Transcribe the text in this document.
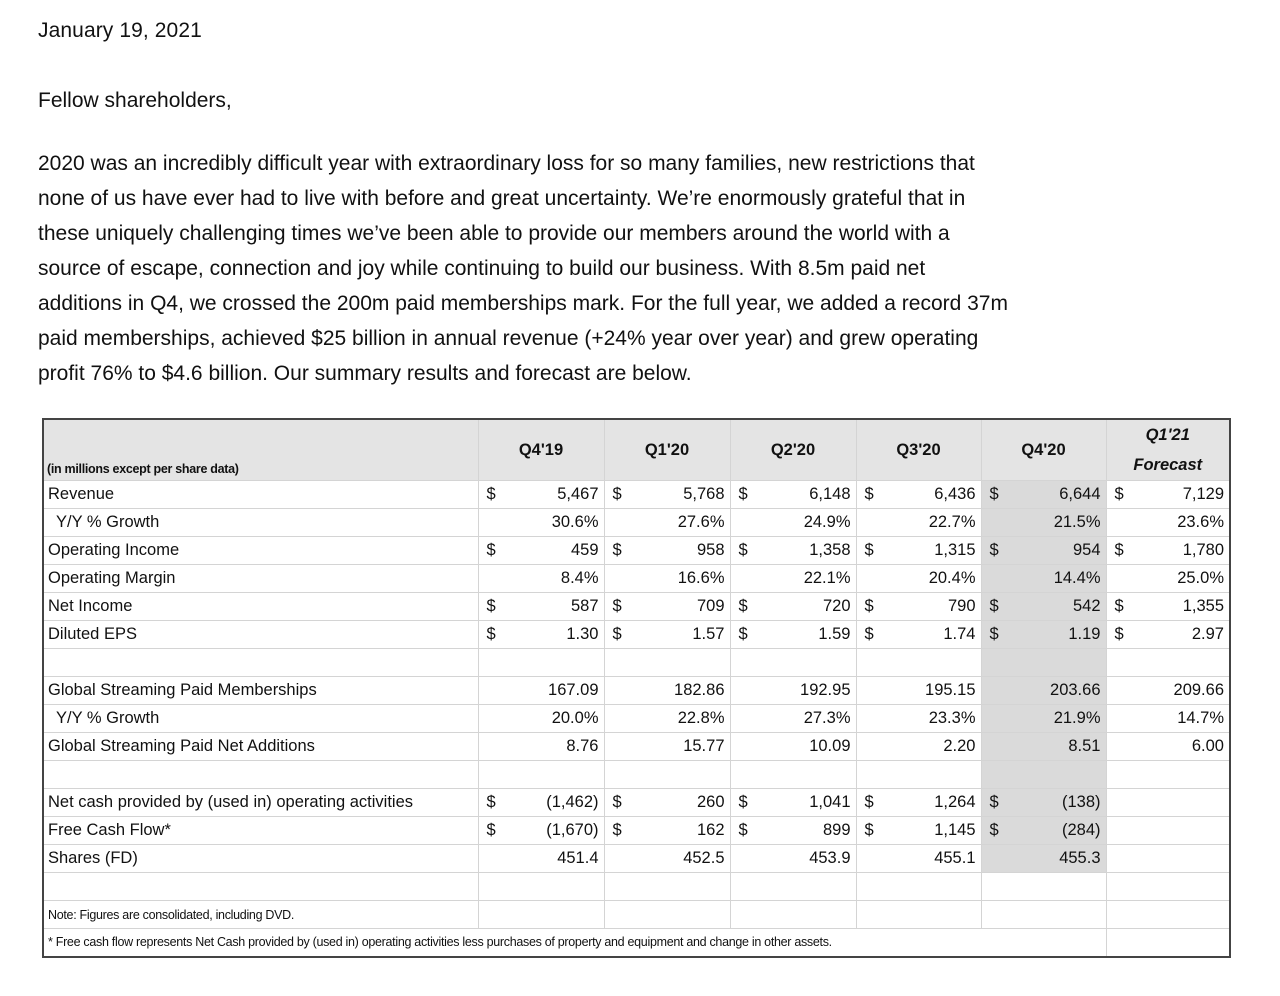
January 19, 2021
Fellow shareholders,
2020 was an incredibly difficult year with extraordinary loss for so many families, new restrictions that
none of us have ever had to live with before and great uncertainty. We’re enormously grateful that in
these uniquely challenging times we’ve been able to provide our members around the world with a
source of escape, connection and joy while continuing to build our business. With 8.5m paid net
additions in Q4, we crossed the 200m paid memberships mark. For the full year, we added a record 37m
paid memberships, achieved $25 billion in annual revenue (+24% year over year) and grew operating
profit 76% to $4.6 billion. Our summary results and forecast are below.
(in millions except per share data)	Q4'19	Q1'20	Q2'20	Q3'20	Q4'20	Q1'21
Forecast

Revenue	$ 5,467	$ 5,768	$ 6,148	$ 6,436	$ 6,644	$ 7,129

Y/Y % Growth	30.6%	27.6%	24.9%	22.7%	21.5%	23.6%

Operating Income	$ 459	$ 958	$ 1,358	$ 1,315	$ 954	$ 1,780

Operating Margin	8.4%	16.6%	22.1%	20.4%	14.4%	25.0%

Net Income	$ 587	$ 709	$ 720	$ 790	$ 542	$ 1,355

Diluted EPS	$ 1.30	$ 1.57	$ 1.59	$ 1.74	$ 1.19	$ 2.97

Global Streaming Paid Memberships	167.09	182.86	192.95	195.15	203.66	209.66

Y/Y % Growth	20.0%	22.8%	27.3%	23.3%	21.9%	14.7%

Global Streaming Paid Net Additions	8.76	15.77	10.09	2.20	8.51	6.00

Net cash provided by (used in) operating activities	$ (1,462)	$ 260	$ 1,041	$ 1,264	$ (138)	

Free Cash Flow*	$ (1,670)	$ 162	$ 899	$ 1,145	$ (284)	

Shares (FD)	451.4	452.5	453.9	455.1	455.3	

Note: Figures are consolidated, including DVD.						
* Free cash flow represents Net Cash provided by (used in) operating activities less purchases of property and equipment and change in other assets.						
